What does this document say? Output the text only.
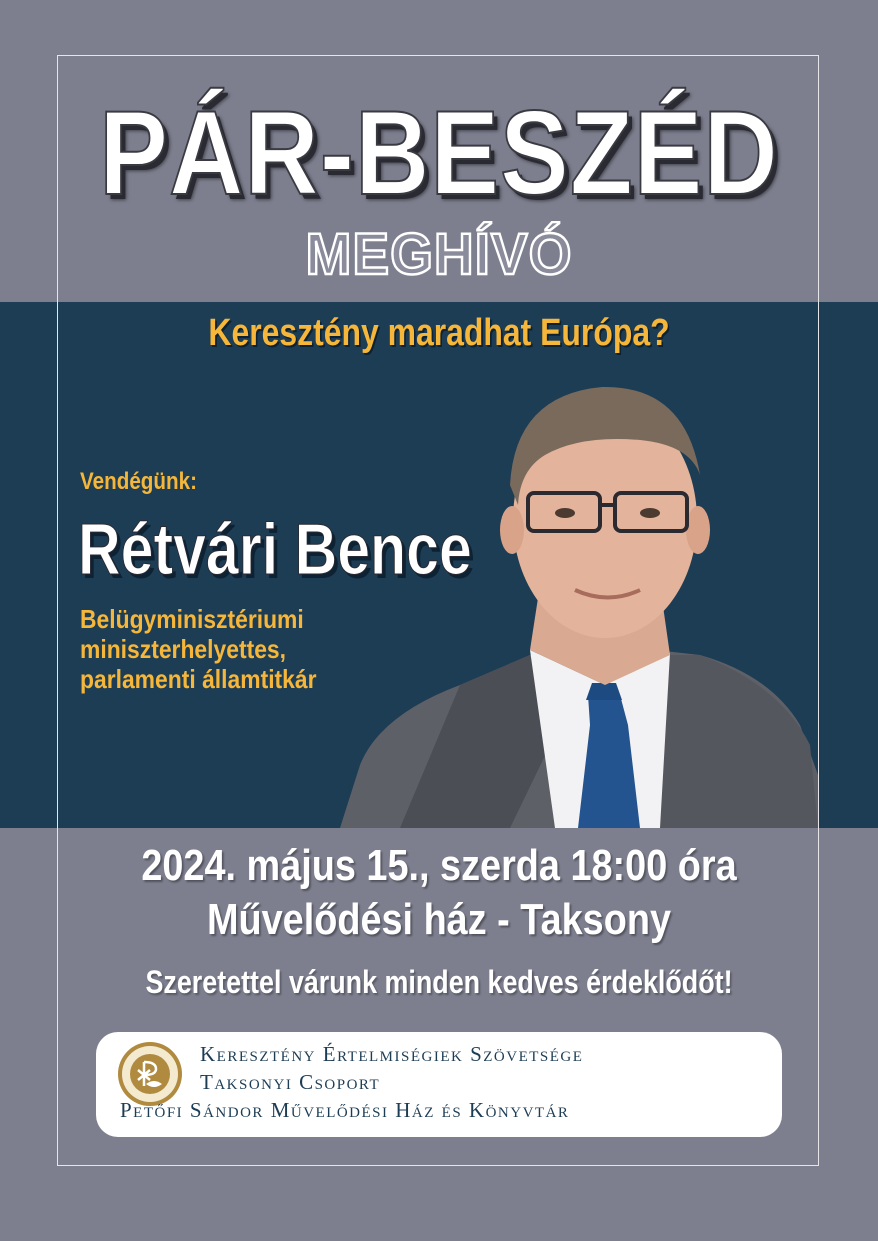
PÁR-BESZÉD
MEGHÍVÓ
Keresztény maradhat Európa?
Vendégünk:
Rétvári Bence
Belügyminisztériumi
miniszterhelyettes,
parlamenti államtitkár
2024. május 15., szerda 18:00 óra
Művelődési ház - Taksony
Szeretettel várunk minden kedves érdeklődőt!
Keresztény Értelmiségiek Szövetsége
Taksonyi Csoport
Petőfi Sándor Művelődési Ház és Könyvtár
